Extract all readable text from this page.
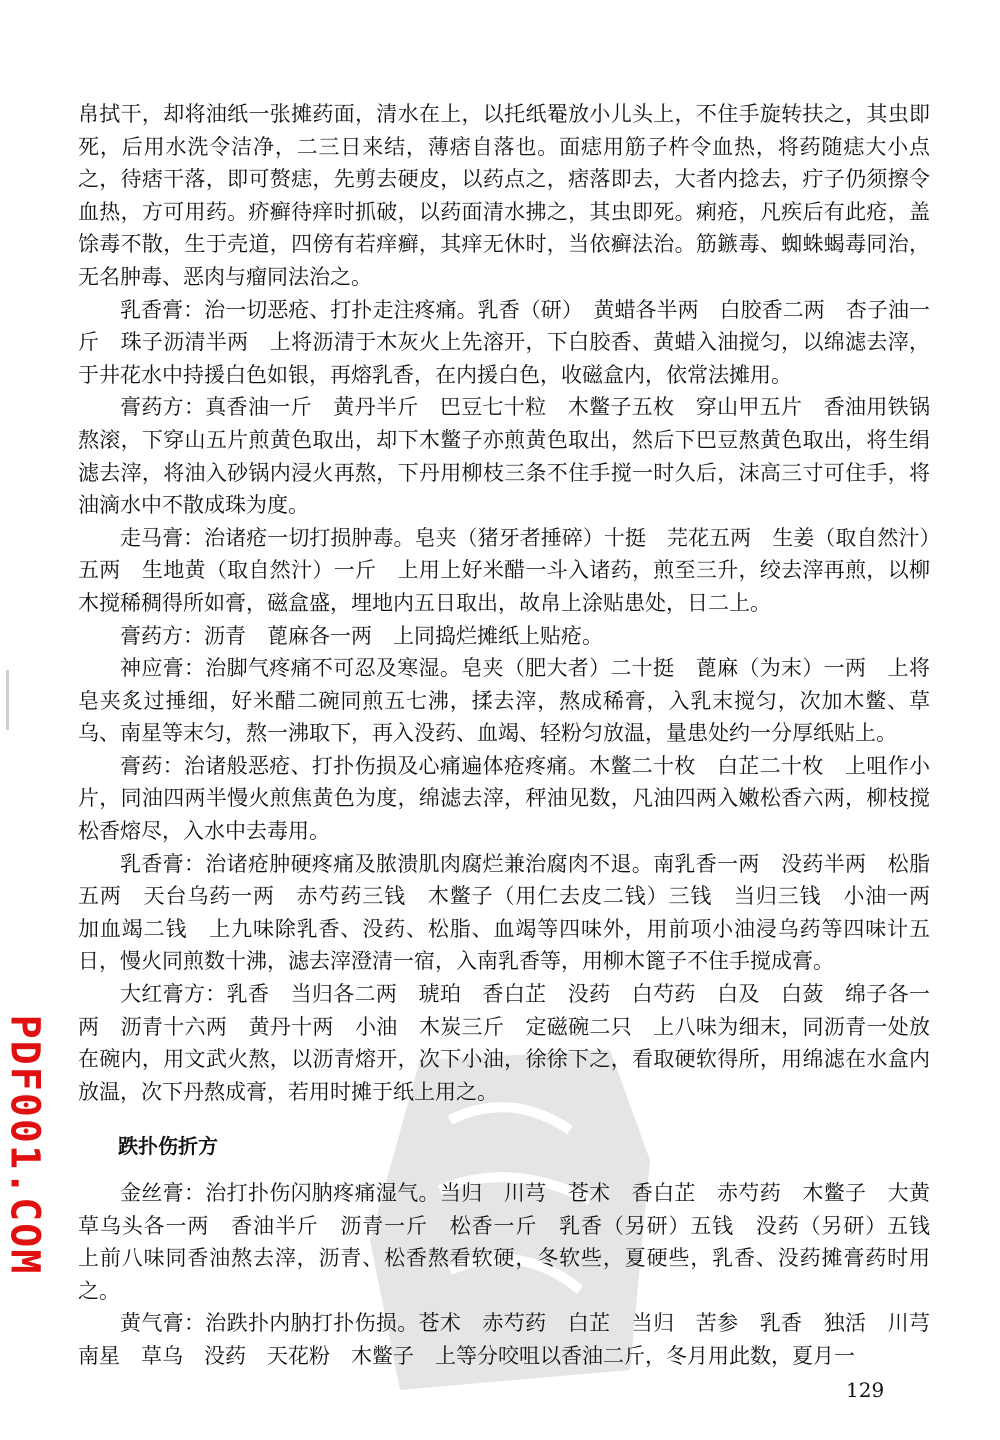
帛拭干，却将油纸一张摊药面，清水在上，以托纸罨放小儿头上，不住手旋转扶之，其虫即死，后用水洗令洁净，二三日来结，薄痞自落也。面痣用筋子杵令血热，将药随痣大小点之，待痞干落，即可赘痣，先剪去硬皮，以药点之，痞落即去，大者内捻去，疔子仍须擦令血热，方可用药。疥癣待痒时抓破，以药面清水拂之，其虫即死。痢疮，凡疾后有此疮，盖馀毒不散，生于壳道，四傍有若痒癣，其痒无休时，当依癣法治。筋鏃毒、蜘蛛蝎毒同治，无名肿毒、恶肉与瘤同法治之。

乳香膏：治一切恶疮、打扑走注疼痛。乳香（研）　黄蜡各半两　白胶香二两　杏子油一斤　珠子沥清半两　上将沥清于木灰火上先溶开，下白胶香、黄蜡入油搅匀，以绵滤去滓，于井花水中持援白色如银，再熔乳香，在内援白色，收磁盒内，依常法摊用。

膏药方：真香油一斤　黄丹半斤　巴豆七十粒　木鳖子五枚　穿山甲五片　香油用铁锅熬滚，下穿山五片煎黄色取出，却下木鳖子亦煎黄色取出，然后下巴豆熬黄色取出，将生绢滤去滓，将油入砂锅内浸火再熬，下丹用柳枝三条不住手搅一时久后，沫高三寸可住手，将油滴水中不散成珠为度。

走马膏：治诸疮一切打损肿毒。皂夹（猪牙者捶碎）十挺　芫花五两　生姜（取自然汁）五两　生地黄（取自然汁）一斤　上用上好米醋一斗入诸药，煎至三升，绞去滓再煎，以柳木搅稀稠得所如膏，磁盒盛，埋地内五日取出，故帛上涂贴患处，日二上。

膏药方：沥青　蓖麻各一两　上同捣烂摊纸上贴疮。

神应膏：治脚气疼痛不可忍及寒湿。皂夹（肥大者）二十挺　蓖麻（为末）一两　上将皂夹炙过捶细，好米醋二碗同煎五七沸，揉去滓，熬成稀膏，入乳末搅匀，次加木鳖、草乌、南星等末匀，熬一沸取下，再入没药、血竭、轻粉匀放温，量患处约一分厚纸贴上。

膏药：治诸般恶疮、打扑伤损及心痛遍体疮疼痛。木鳖二十枚　白芷二十枚　上咀作小片，同油四两半慢火煎焦黄色为度，绵滤去滓，秤油见数，凡油四两入嫩松香六两，柳枝搅松香熔尽，入水中去毒用。

乳香膏：治诸疮肿硬疼痛及脓溃肌肉腐烂兼治腐肉不退。南乳香一两　没药半两　松脂五两　天台乌药一两　赤芍药三钱　木鳖子（用仁去皮二钱）三钱　当归三钱　小油一两　加血竭二钱　上九味除乳香、没药、松脂、血竭等四味外，用前项小油浸乌药等四味计五日，慢火同煎数十沸，滤去滓澄清一宿，入南乳香等，用柳木篦子不住手搅成膏。

大红膏方：乳香　当归各二两　琥珀　香白芷　没药　白芍药　白及　白蔹　绵子各一两　沥青十六两　黄丹十两　小油　木炭三斤　定磁碗二只　上八味为细末，同沥青一处放在碗内，用文武火熬，以沥青熔开，次下小油，徐徐下之，看取硬软得所，用绵滤在水盒内放温，次下丹熬成膏，若用时摊于纸上用之。

跌扑伤折方

金丝膏：治打扑伤闪肭疼痛湿气。当归　川芎　苍术　香白芷　赤芍药　木鳖子　大黄　草乌头各一两　香油半斤　沥青一斤　松香一斤　乳香（另研）五钱　没药（另研）五钱　上前八味同香油熬去滓，沥青、松香熬看软硬，冬软些，夏硬些，乳香、没药摊膏药时用之。

黄气膏：治跌扑内肭打扑伤损。苍术　赤芍药　白芷　当归　苦参　乳香　独活　川芎　南星　草乌　没药　天花粉　木鳖子　上等分咬咀以香油二斤，冬月用此数，夏月一

129
PDF001.COM
